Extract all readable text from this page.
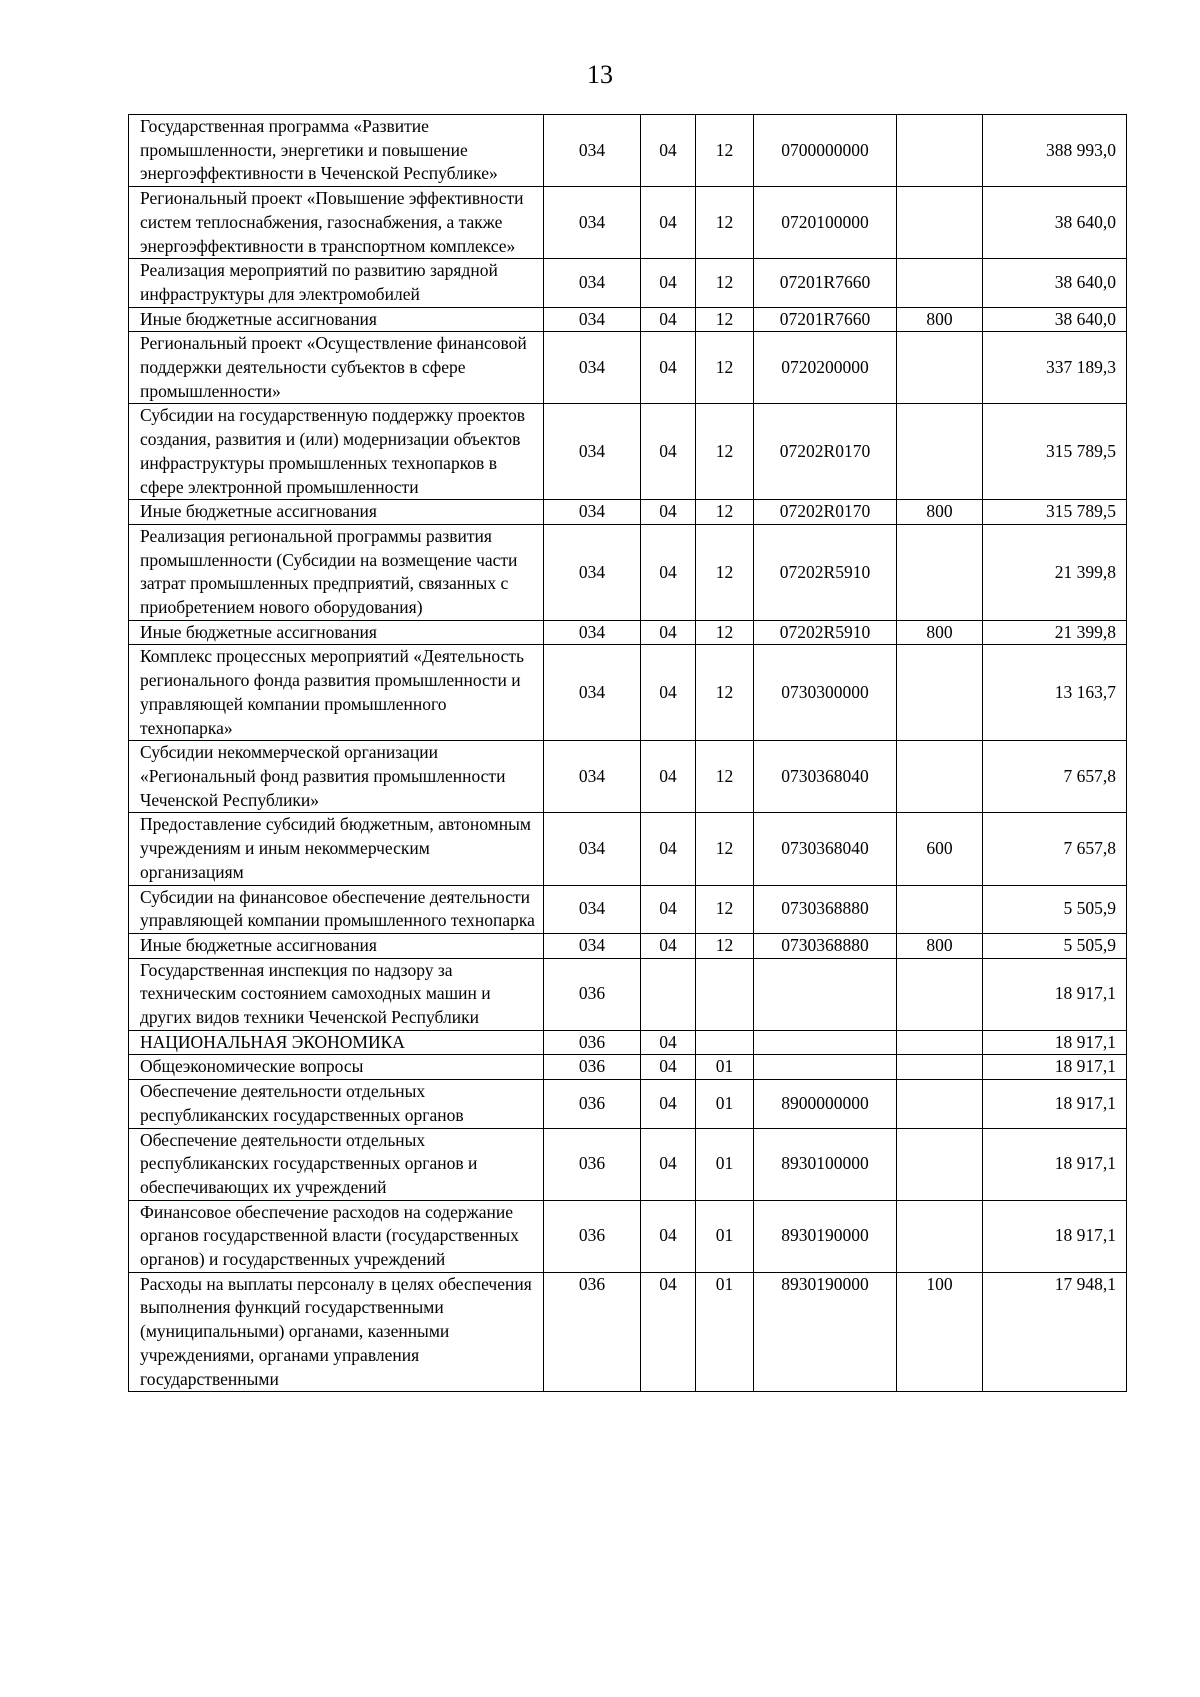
13
Государственная программа «Развитие промышленности, энергетики и повышение энергоэффективности в Чеченской Республике»	034	04	12	0700000000		388 993,0
Региональный проект «Повышение эффективности систем теплоснабжения, газоснабжения, а также энергоэффективности в транспортном комплексе»	034	04	12	0720100000		38 640,0
Реализация мероприятий по развитию зарядной инфраструктуры для электромобилей	034	04	12	07201R7660		38 640,0
Иные бюджетные ассигнования	034	04	12	07201R7660	800	38 640,0
Региональный проект «Осуществление финансовой поддержки деятельности субъектов в сфере промышленности»	034	04	12	0720200000		337 189,3
Субсидии на государственную поддержку проектов создания, развития и (или) модернизации объектов инфраструктуры промышленных технопарков в сфере электронной промышленности	034	04	12	07202R0170		315 789,5
Иные бюджетные ассигнования	034	04	12	07202R0170	800	315 789,5
Реализация региональной программы развития промышленности (Субсидии на возмещение части затрат промышленных предприятий, связанных с приобретением нового оборудования)	034	04	12	07202R5910		21 399,8
Иные бюджетные ассигнования	034	04	12	07202R5910	800	21 399,8
Комплекс процессных мероприятий «Деятельность регионального фонда развития промышленности и управляющей компании промышленного технопарка»	034	04	12	0730300000		13 163,7
Субсидии некоммерческой организации «Региональный фонд развития промышленности Чеченской Республики»	034	04	12	0730368040		7 657,8
Предоставление субсидий бюджетным, автономным учреждениям и иным некоммерческим организациям	034	04	12	0730368040	600	7 657,8
Субсидии на финансовое обеспечение деятельности управляющей компании промышленного технопарка	034	04	12	0730368880		5 505,9
Иные бюджетные ассигнования	034	04	12	0730368880	800	5 505,9
Государственная инспекция по надзору за техническим состоянием самоходных машин и других видов техники Чеченской Республики	036					18 917,1
НАЦИОНАЛЬНАЯ ЭКОНОМИКА	036	04				18 917,1
Общеэкономические вопросы	036	04	01			18 917,1
Обеспечение деятельности отдельных республиканских государственных органов	036	04	01	8900000000		18 917,1
Обеспечение деятельности отдельных республиканских государственных органов и обеспечивающих их учреждений	036	04	01	8930100000		18 917,1
Финансовое обеспечение расходов на содержание органов государственной власти (государственных органов) и государственных учреждений	036	04	01	8930190000		18 917,1
Расходы на выплаты персоналу в целях обеспечения выполнения функций государственными (муниципальными) органами, казенными учреждениями, органами управления государственными	036	04	01	8930190000	100	17 948,1
